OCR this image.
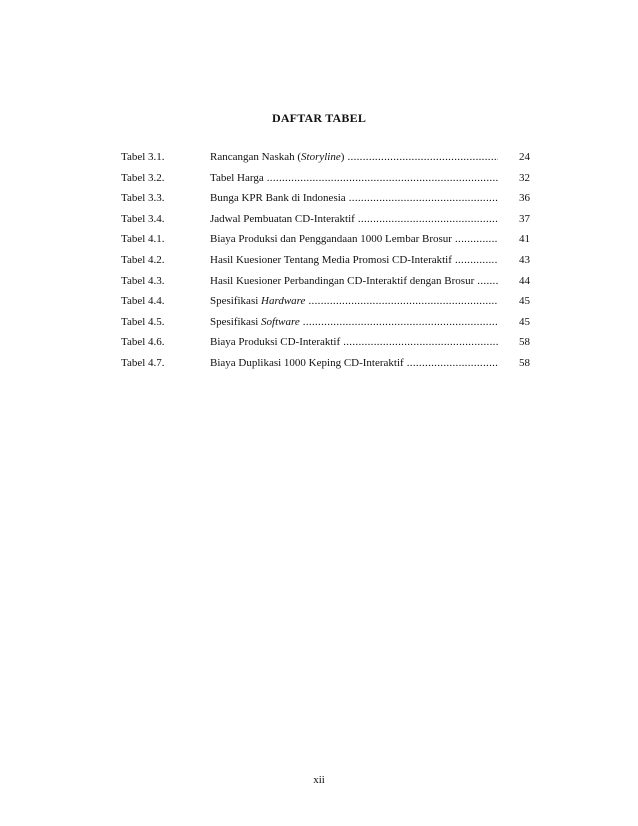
DAFTAR TABEL
Tabel 3.1.	Rancangan Naskah (Storyline) .....	24
Tabel 3.2.	Tabel Harga .....	32
Tabel 3.3.	Bunga KPR Bank di Indonesia .....	36
Tabel 3.4.	Jadwal Pembuatan CD-Interaktif .....	37
Tabel 4.1.	Biaya Produksi dan Penggandaan 1000 Lembar Brosur .....	41
Tabel 4.2.	Hasil Kuesioner Tentang Media Promosi CD-Interaktif .....	43
Tabel 4.3.	Hasil Kuesioner Perbandingan CD-Interaktif dengan Brosur .....	44
Tabel 4.4.	Spesifikasi Hardware .....	45
Tabel 4.5.	Spesifikasi Software .....	45
Tabel 4.6.	Biaya Produksi CD-Interaktif .....	58
Tabel 4.7.	Biaya Duplikasi 1000 Keping CD-Interaktif .....	58
xii
